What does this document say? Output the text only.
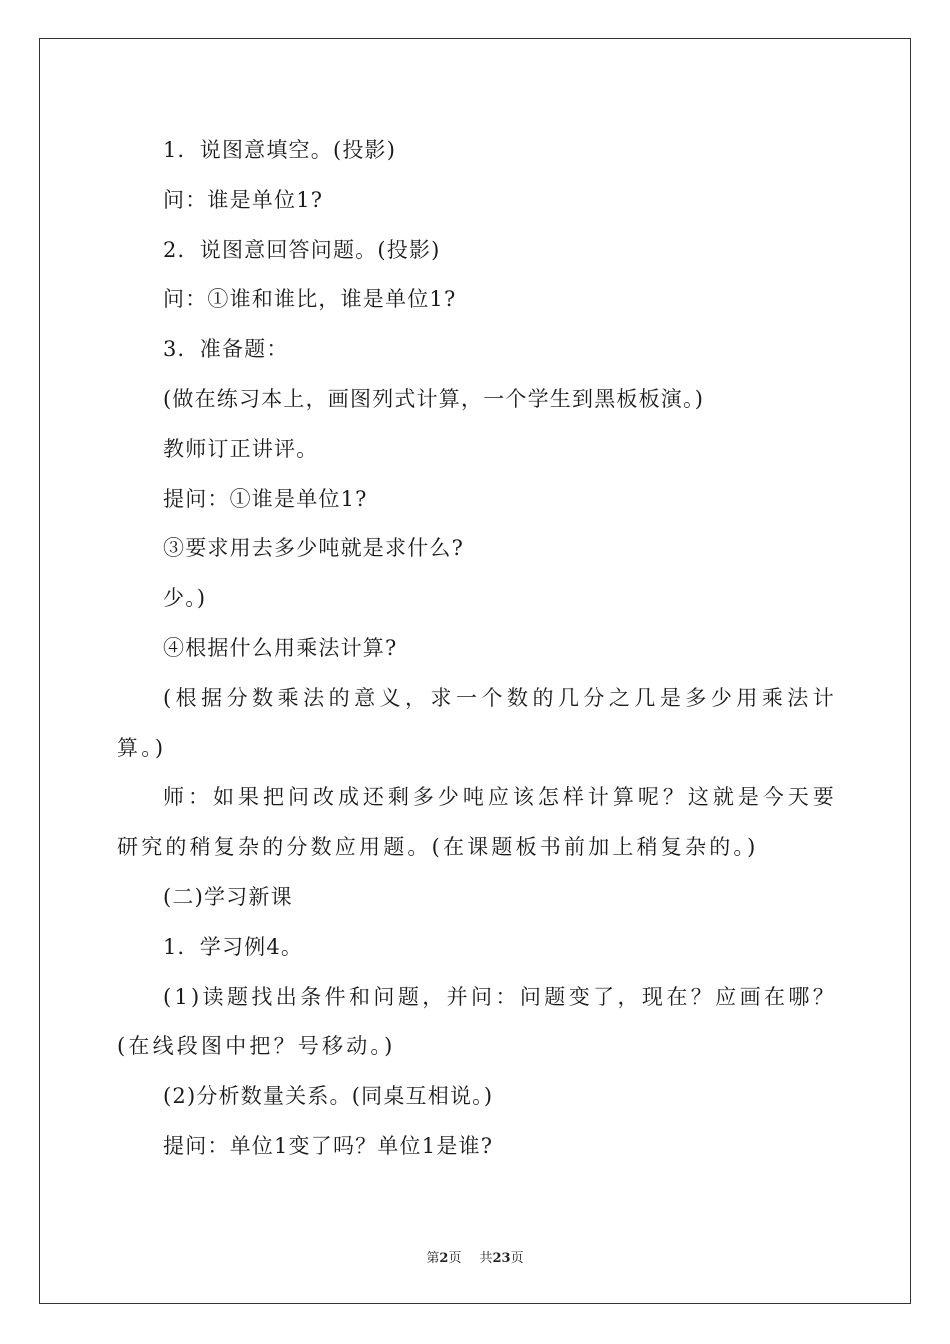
1．说图意填空。(投影)

问：谁是单位1?

2．说图意回答问题。(投影)

问：①谁和谁比，谁是单位1?

3．准备题：

(做在练习本上，画图列式计算，一个学生到黑板板演。)

教师订正讲评。

提问：①谁是单位1?

③要求用去多少吨就是求什么?

少。)

④根据什么用乘法计算?

(根据分数乘法的意义，求一个数的几分之几是多少用乘法计算。)

师：如果把问改成还剩多少吨应该怎样计算呢？这就是今天要研究的稍复杂的分数应用题。(在课题板书前加上稍复杂的。)

(二)学习新课

1．学习例4。

(1)读题找出条件和问题，并问：问题变了，现在？应画在哪？(在线段图中把？号移动。)

(2)分析数量关系。(同桌互相说。)

提问：单位1变了吗？单位1是谁?

第2页 共23页
